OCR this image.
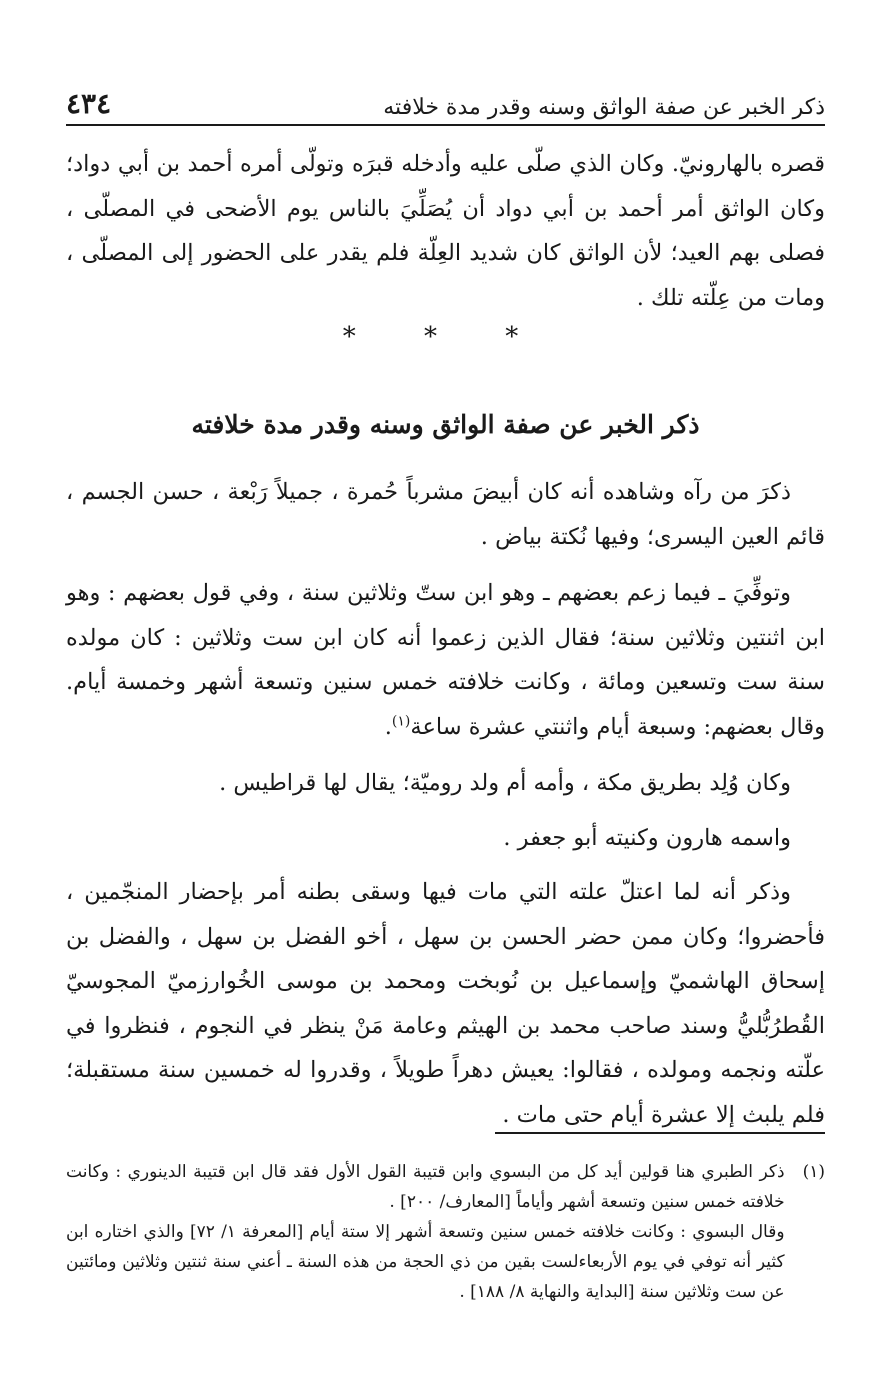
ذكر الخبر عن صفة الواثق وسنه وقدر مدة خلافته
٤٣٤

قصره بالهارونيّ. وكان الذي صلّى عليه وأدخله قبرَه وتولّى أمره أحمد بن أبي دواد؛ وكان الواثق أمر أحمد بن أبي دواد أن يُصَلِّيَ بالناس يوم الأضحى في المصلّى ، فصلى بهم العيد؛ لأن الواثق كان شديد العِلّة فلم يقدر على الحضور إلى المصلّى ، ومات من عِلّته تلك .

* * *
ذكر الخبر عن صفة الواثق وسنه وقدر مدة خلافته

ذكرَ من رآه وشاهده أنه كان أبيضَ مشرباً حُمرة ، جميلاً رَبْعة ، حسن الجسم ، قائم العين اليسرى؛ وفيها نُكتة بياض .

وتوفِّيَ ـ فيما زعم بعضهم ـ وهو ابن ستّ وثلاثين سنة ، وفي قول بعضهم : وهو ابن اثنتين وثلاثين سنة؛ فقال الذين زعموا أنه كان ابن ست وثلاثين : كان مولده سنة ست وتسعين ومائة ، وكانت خلافته خمس سنين وتسعة أشهر وخمسة أيام. وقال بعضهم: وسبعة أيام واثنتي عشرة ساعة$^{(١)}$.

وكان وُلِد بطريق مكة ، وأمه أم ولد روميّة؛ يقال لها قراطيس .

واسمه هارون وكنيته أبو جعفر .

وذكر أنه لما اعتلّ علته التي مات فيها وسقى بطنه أمر بإحضار المنجّمين ، فأحضروا؛ وكان ممن حضر الحسن بن سهل ، أخو الفضل بن سهل ، والفضل بن إسحاق الهاشميّ وإسماعيل بن نُوبخت ومحمد بن موسى الخُوارزميّ المجوسيّ القُطرُبُّليُّ وسند صاحب محمد بن الهيثم وعامة مَنْ ينظر في النجوم ، فنظروا في علّته ونجمه ومولده ، فقالوا: يعيش دهراً طويلاً ، وقدروا له خمسين سنة مستقبلة؛ فلم يلبث إلا عشرة أيام حتى مات .

(١)

ذكر الطبري هنا قولين أيد كل من البسوي وابن قتيبة القول الأول فقد قال ابن قتيبة الدينوري : وكانت خلافته خمس سنين وتسعة أشهر وأياماً [المعارف/ ٢٠٠] .

وقال البسوي : وكانت خلافته خمس سنين وتسعة أشهر إلا ستة أيام [المعرفة ١/ ٧٢] والذي اختاره ابن كثير أنه توفي في يوم الأربعاءلست بقين من ذي الحجة من هذه السنة ـ أعني سنة ثنتين وثلاثين ومائتين عن ست وثلاثين سنة [البداية والنهاية ٨/ ١٨٨] .
